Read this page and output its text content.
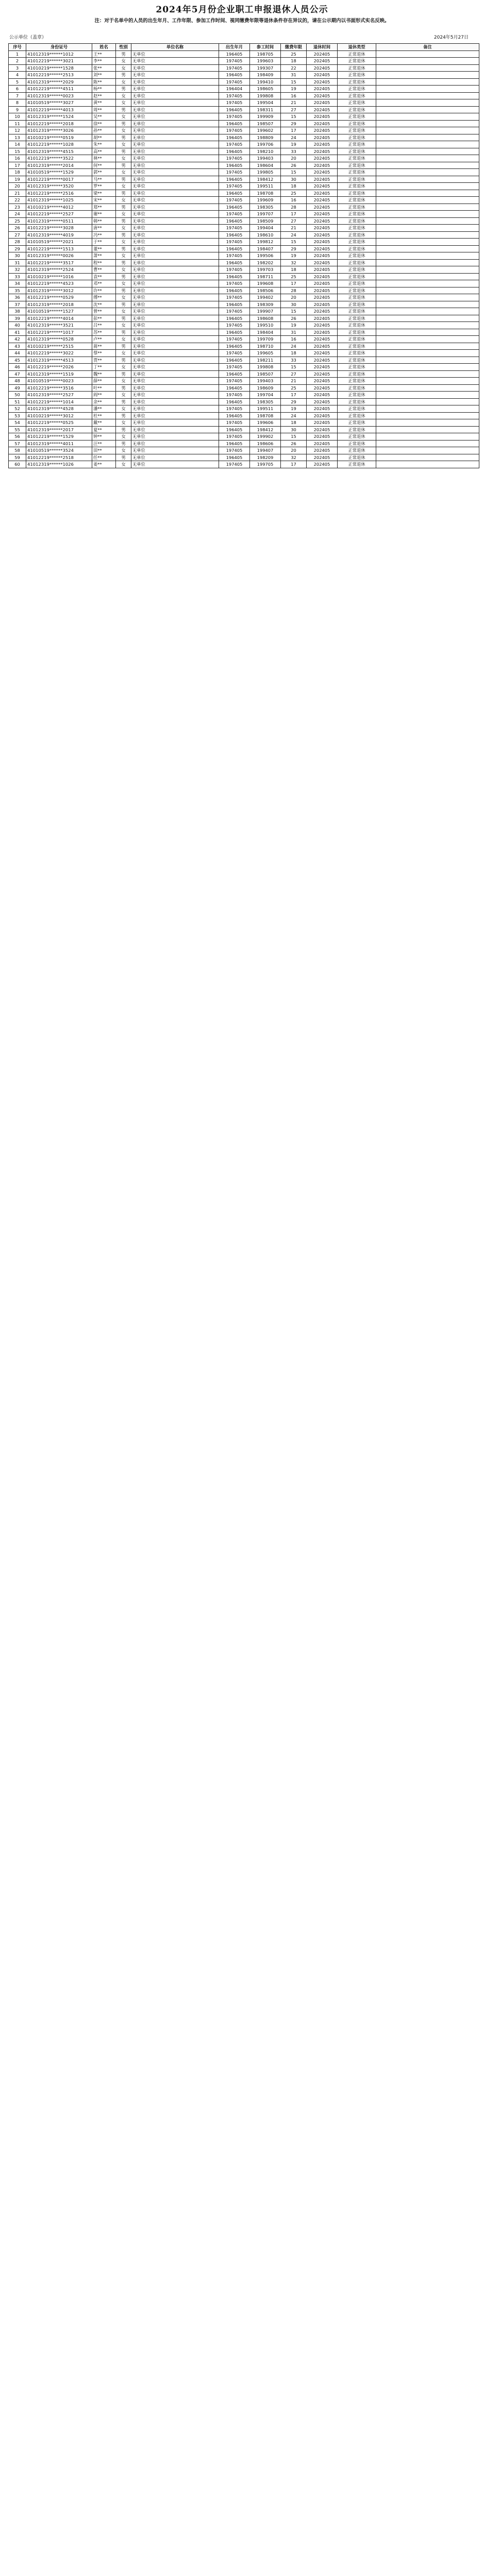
2024年5月份企业职工申报退休人员公示
注：对于名单中的人员的出生年月、工作年限、参加工作时间、视同缴费年限等退休条件存在异议的，请在公示期内以书面形式实名反映。
公示单位（盖章）	2024年5月27日
序号	身份证号	姓名	性别	单位名称	出生年月	参工时间	缴费年限	退休时间	退休类型	备注
1	41012319******1012	王**	男	无单位	196405	198705	25	202405	正常退休	
2	41012219******3021	李**	女	无单位	197405	199603	18	202405	正常退休	
3	41010219******1528	张**	女	无单位	197405	199307	22	202405	正常退休	
4	41012219******2513	刘**	男	无单位	196405	198409	31	202405	正常退休	
5	41012319******2029	陈**	女	无单位	197405	199410	15	202405	正常退休	
6	41012219******4511	杨**	男	无单位	196404	198605	19	202405	正常退休	
7	41012319******0023	赵**	女	无单位	197405	199808	16	202405	正常退休	
8	41010519******3027	黄**	女	无单位	197405	199504	21	202405	正常退休	
9	41012219******4013	周**	男	无单位	196405	198311	27	202405	正常退休	
10	41012319******1524	吴**	女	无单位	197405	199909	15	202405	正常退休	
11	41012219******2018	徐**	男	无单位	196405	198507	29	202405	正常退休	
12	41012319******3026	孙**	女	无单位	197405	199602	17	202405	正常退休	
13	41010219******0519	胡**	男	无单位	196405	198809	24	202405	正常退休	
14	41012219******1028	朱**	女	无单位	197405	199706	19	202405	正常退休	
15	41012319******4515	高**	男	无单位	196405	198210	33	202405	正常退休	
16	41012219******3522	林**	女	无单位	197405	199403	20	202405	正常退休	
17	41012319******2014	何**	男	无单位	196405	198604	26	202405	正常退休	
18	41010519******1529	郭**	女	无单位	197405	199805	15	202405	正常退休	
19	41012219******0017	马**	男	无单位	196405	198412	30	202405	正常退休	
20	41012319******3520	罗**	女	无单位	197405	199511	18	202405	正常退休	
21	41012219******2516	梁**	男	无单位	196405	198708	25	202405	正常退休	
22	41012319******1025	宋**	女	无单位	197405	199609	16	202405	正常退休	
23	41010219******4012	郑**	男	无单位	196405	198305	28	202405	正常退休	
24	41012219******2527	谢**	女	无单位	197405	199707	17	202405	正常退休	
25	41012319******0511	韩**	男	无单位	196405	198509	27	202405	正常退休	
26	41012219******3028	唐**	女	无单位	197405	199404	21	202405	正常退休	
27	41012319******4019	冯**	男	无单位	196405	198610	24	202405	正常退休	
28	41010519******2021	于**	女	无单位	197405	199812	15	202405	正常退休	
29	41012219******1513	董**	男	无单位	196405	198407	29	202405	正常退休	
30	41012319******0026	萧**	女	无单位	197405	199506	19	202405	正常退休	
31	41012219******3517	程**	男	无单位	196405	198202	32	202405	正常退休	
32	41012319******2524	曹**	女	无单位	197405	199703	18	202405	正常退休	
33	41010219******1016	袁**	男	无单位	196405	198711	25	202405	正常退休	
34	41012219******4523	邓**	女	无单位	197405	199608	17	202405	正常退休	
35	41012319******3012	许**	男	无单位	196405	198506	28	202405	正常退休	
36	41012219******0529	傅**	女	无单位	197405	199402	20	202405	正常退休	
37	41012319******2018	沈**	男	无单位	196405	198309	30	202405	正常退休	
38	41010519******1527	曾**	女	无单位	197405	199907	15	202405	正常退休	
39	41012219******4014	彭**	男	无单位	196405	198608	26	202405	正常退休	
40	41012319******3521	吕**	女	无单位	197405	199510	19	202405	正常退休	
41	41012219******1017	苏**	男	无单位	196405	198404	31	202405	正常退休	
42	41012319******0528	卢**	女	无单位	197405	199709	16	202405	正常退休	
43	41010219******2515	蒋**	男	无单位	196405	198710	24	202405	正常退休	
44	41012219******3022	蔡**	女	无单位	197405	199605	18	202405	正常退休	
45	41012319******4513	贾**	男	无单位	196405	198211	33	202405	正常退休	
46	41012219******2026	丁**	女	无单位	197405	199808	15	202405	正常退休	
47	41012319******1519	魏**	男	无单位	196405	198507	27	202405	正常退休	
48	41010519******0023	薛**	女	无单位	197405	199403	21	202405	正常退休	
49	41012219******3516	叶**	男	无单位	196405	198609	25	202405	正常退休	
50	41012319******2527	阎**	女	无单位	197405	199704	17	202405	正常退休	
51	41012219******1014	余**	男	无单位	196405	198305	29	202405	正常退休	
52	41012319******4528	潘**	女	无单位	197405	199511	19	202405	正常退休	
53	41010219******3012	杜**	男	无单位	196405	198708	24	202405	正常退休	
54	41012219******0525	戴**	女	无单位	197405	199606	18	202405	正常退休	
55	41012319******2017	夏**	男	无单位	196405	198412	30	202405	正常退休	
56	41012219******1529	钟**	女	无单位	197405	199902	15	202405	正常退休	
57	41012319******4011	汪**	男	无单位	196405	198606	26	202405	正常退休	
58	41010519******3524	田**	女	无单位	197405	199407	20	202405	正常退休	
59	41012219******2518	任**	男	无单位	196405	198209	32	202405	正常退休	
60	41012319******1026	姜**	女	无单位	197405	199705	17	202405	正常退休	
